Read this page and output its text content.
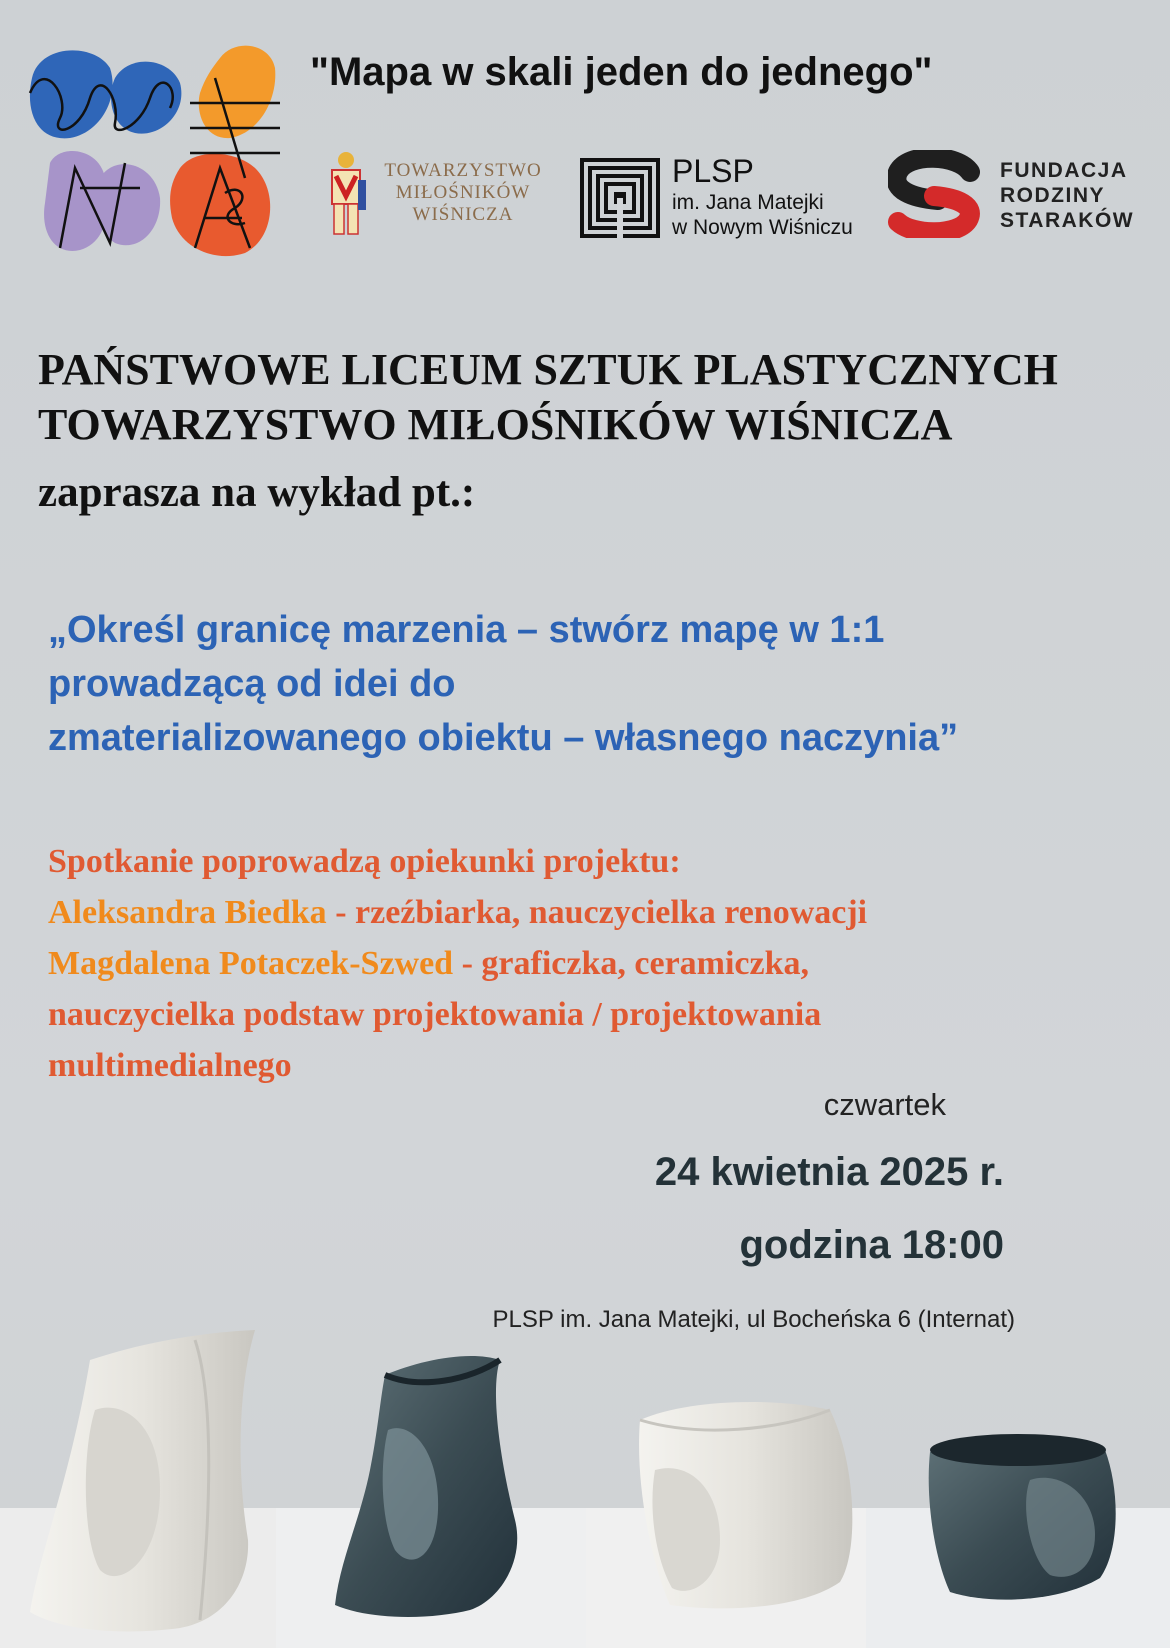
"Mapa w skali jeden do jednego"
TOWARZYSTWO
MIŁOŚNIKÓW
WIŚNICZA
PLSP
im. Jana Matejki
w Nowym Wiśniczu
FUNDACJA
RODZINY
STARAKÓW
PAŃSTWOWE LICEUM SZTUK PLASTYCZNYCH
TOWARZYSTWO MIŁOŚNIKÓW WIŚNICZA
zaprasza na wykład pt.:
„Określ granicę marzenia – stwórz mapę w 1:1
prowadzącą od idei do
zmaterializowanego obiektu – własnego naczynia”
Spotkanie poprowadzą opiekunki projektu:
Aleksandra Biedka - rzeźbiarka, nauczycielka renowacji
Magdalena Potaczek-Szwed - graficzka, ceramiczka,
nauczycielka podstaw projektowania / projektowania
multimedialnego
czwartek
24 kwietnia 2025 r.
godzina 18:00
PLSP im. Jana Matejki, ul Bocheńska 6 (Internat)
